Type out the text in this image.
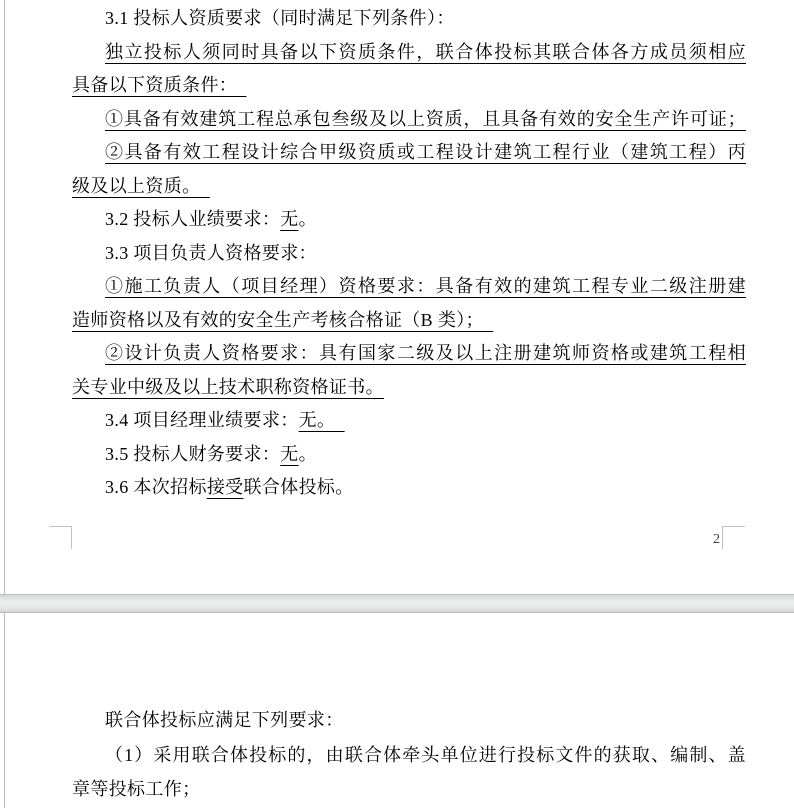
3.1 投标人资质要求（同时满足下列条件）：
独立投标人须同时具备以下资质条件，联合体投标其联合体各方成员须相应
具备以下资质条件：　
①具备有效建筑工程总承包叁级及以上资质，且具备有效的安全生产许可证；
②具备有效工程设计综合甲级资质或工程设计建筑工程行业（建筑工程）丙
级及以上资质。　
3.2 投标人业绩要求：无。
3.3 项目负责人资格要求：
①施工负责人（项目经理）资格要求：具备有效的建筑工程专业二级注册建
造师资格以及有效的安全生产考核合格证（B 类）；　
②设计负责人资格要求：具有国家二级及以上注册建筑师资格或建筑工程相
关专业中级及以上技术职称资格证书。
3.4 项目经理业绩要求：无。　
3.5 投标人财务要求：无。
3.6 本次招标接受联合体投标。
2
联合体投标应满足下列要求：
（1）采用联合体投标的，由联合体牵头单位进行投标文件的获取、编制、盖
章等投标工作；
